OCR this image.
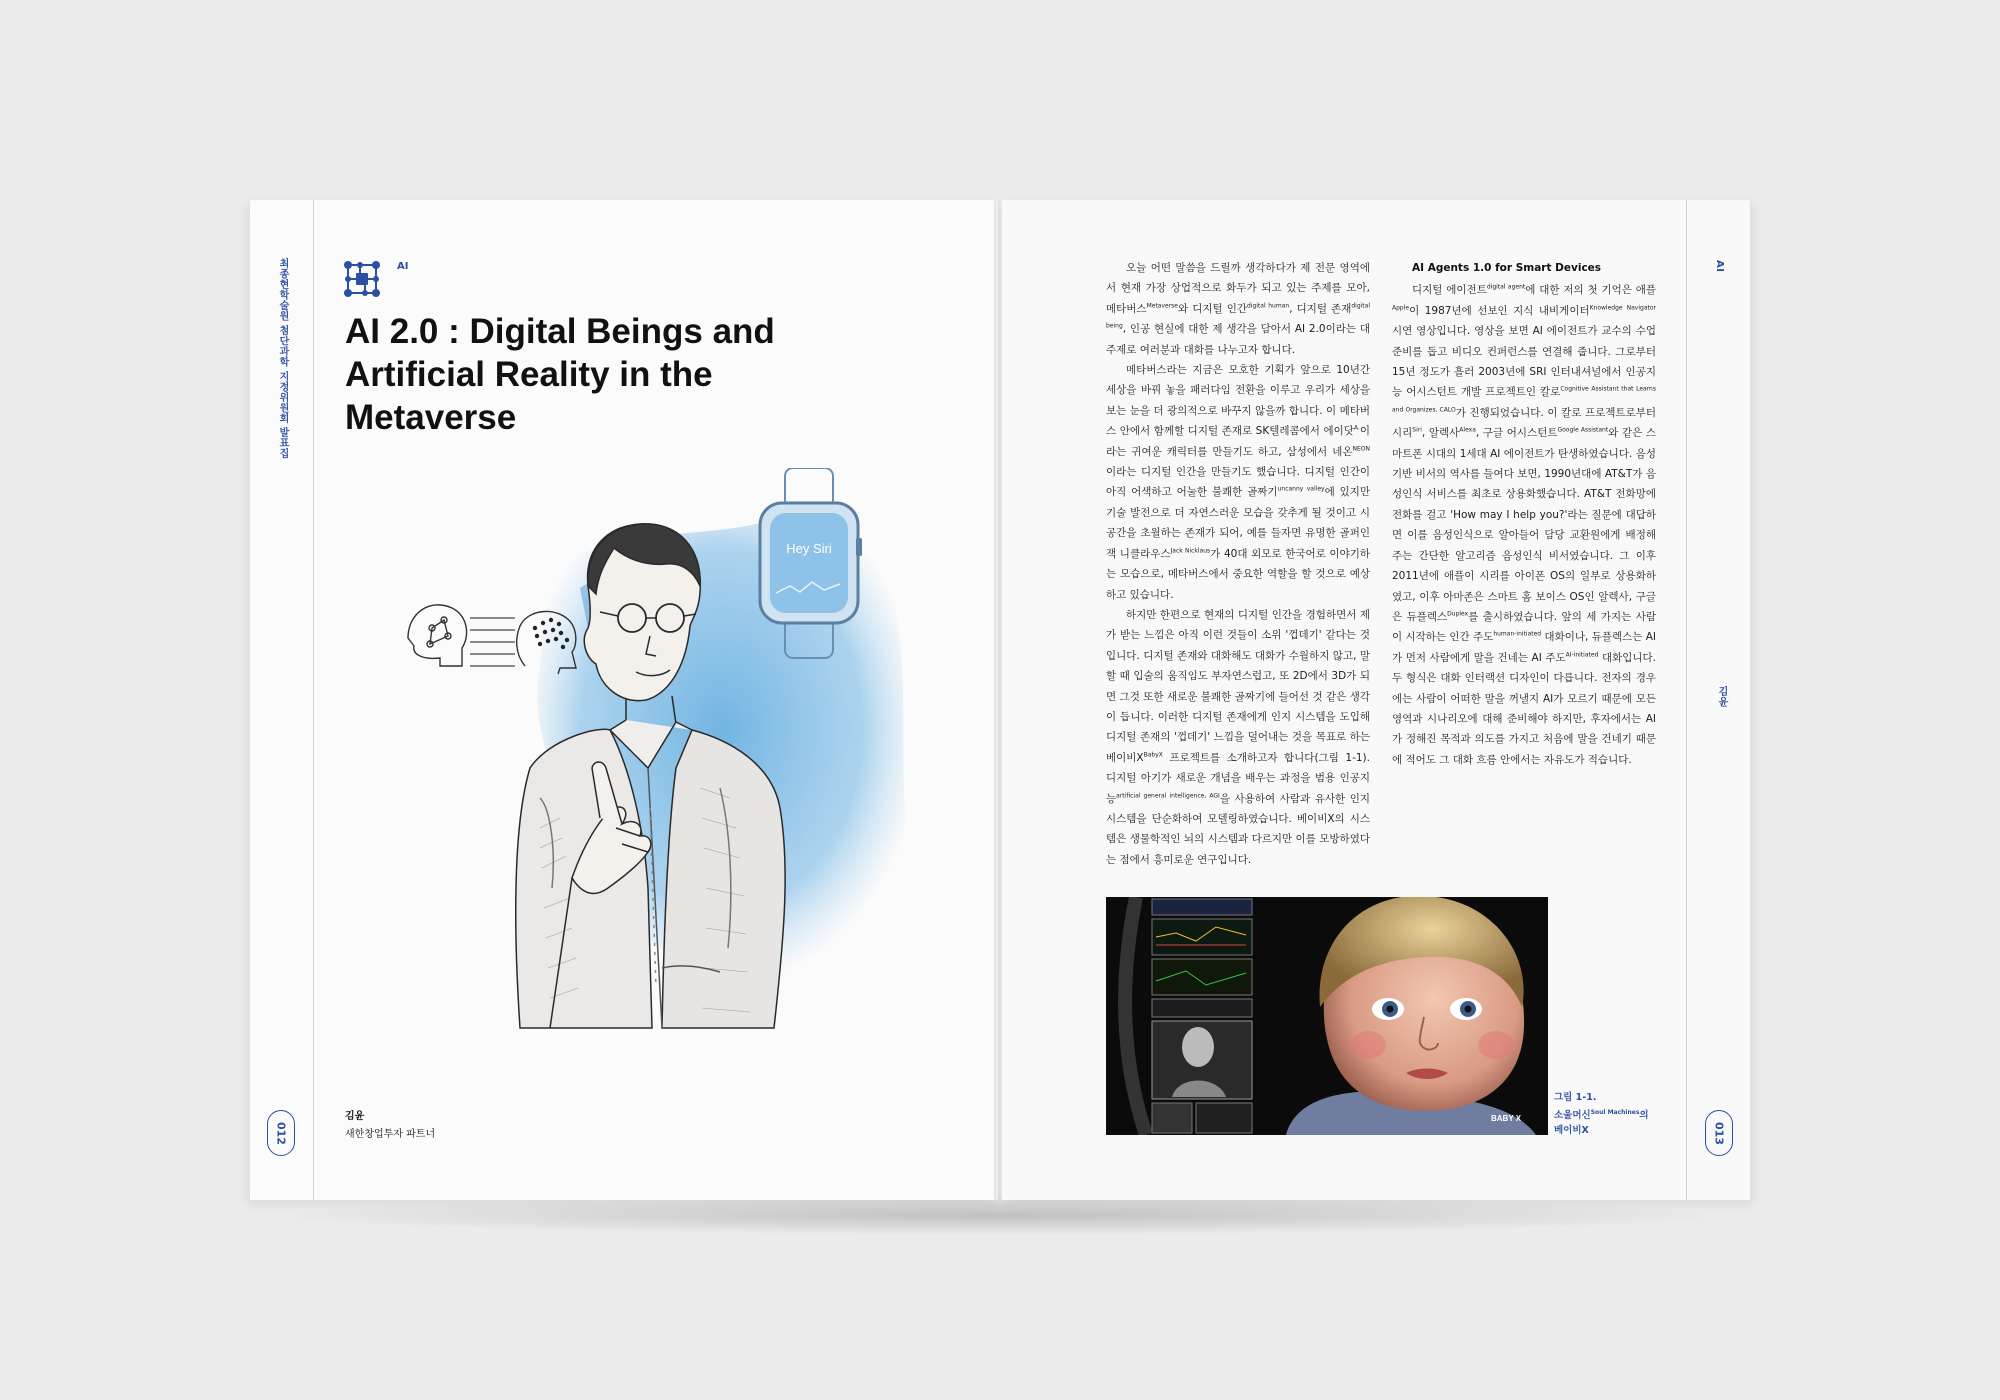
최종현학술원 첨단과학 지정위원회 발표집
012
AI
AI 2.0 : Digital Beings and Artificial Reality in the Metaverse
Hey Siri
김윤
새한창업투자 파트너
AI
김윤
013

오늘 어떤 말씀을 드릴까 생각하다가 제 전문 영역에서 현재 가장 상업적으로 화두가 되고 있는 주제를 모아, 메타버스$^{Metaverse}$와 디지털 인간$^{digital human}$, 디지털 존재$^{digital being}$, 인공 현실에 대한 제 생각을 담아서 AI 2.0이라는 대주제로 여러분과 대화를 나누고자 합니다.

메타버스라는 지금은 모호한 기획가 앞으로 10년간 세상을 바꿔 놓을 패러다임 전환을 이루고 우리가 세상을 보는 눈을 더 광의적으로 바꾸지 않을까 합니다. 이 메타버스 안에서 함께할 디지털 존재로 SK텔레콤에서 에이닷$^{A.}$이라는 귀여운 캐릭터를 만들기도 하고, 삼성에서 네온$^{NEON}$이라는 디지털 인간을 만들기도 했습니다. 디지털 인간이 아직 어색하고 어눌한 불쾌한 골짜기$^{uncanny valley}$에 있지만 기술 발전으로 더 자연스러운 모습을 갖추게 될 것이고 시공간을 초월하는 존재가 되어, 예를 들자면 유명한 골퍼인 잭 니클라우스$^{Jack Nicklaus}$가 40대 외모로 한국어로 이야기하는 모습으로, 메타버스에서 중요한 역할을 할 것으로 예상하고 있습니다.

하지만 한편으로 현재의 디지털 인간을 경험하면서 제가 받는 느낌은 아직 이런 것들이 소위 '껍데기' 같다는 것입니다. 디지털 존재와 대화해도 대화가 수월하지 않고, 말할 때 입술의 움직임도 부자연스럽고, 또 2D에서 3D가 되면 그것 또한 새로운 불쾌한 골짜기에 들어선 것 같은 생각이 듭니다. 이러한 디지털 존재에게 인지 시스템을 도입해 디지털 존재의 '껍데기' 느낌을 덜어내는 것을 목표로 하는 베이비$X^{BabyX}$ 프로젝트를 소개하고자 합니다(그림 1-1). 디지털 아기가 새로운 개념을 배우는 과정을 범용 인공지능$^{artificial general intelligence, AGI}$을 사용하여 사람과 유사한 인지 시스템을 단순화하여 모델링하였습니다. 베이비X의 시스템은 생물학적인 뇌의 시스템과 다르지만 이를 모방하였다는 점에서 흥미로운 연구입니다.

AI Agents 1.0 for Smart Devices

디지털 에이전트$^{digital agent}$에 대한 저의 첫 기억은 애플$^{Apple}$이 1987년에 선보인 지식 내비게이터$^{Knowledge Navigator}$ 시연 영상입니다. 영상을 보면 AI 에이전트가 교수의 수업 준비를 돕고 비디오 컨퍼런스를 연결해 줍니다. 그로부터 15년 정도가 흘러 2003년에 SRI 인터내셔널에서 인공지능 어시스턴트 개발 프로젝트인 칼로$^{Cognitive Assistant that Learns and Organizes, CALO}$가 진행되었습니다. 이 칼로 프로젝트로부터 시리$^{Siri}$, 알렉사$^{Alexa}$, 구글 어시스턴트$^{Google Assistant}$와 같은 스마트폰 시대의 1세대 AI 에이전트가 탄생하였습니다. 음성 기반 비서의 역사를 들여다 보면, 1990년대에 AT&T가 음성인식 서비스를 최초로 상용화했습니다. AT&T 전화망에 전화를 걸고 'How may I help you?'라는 질문에 대답하면 이를 음성인식으로 알아들어 담당 교환원에게 배정해 주는 간단한 알고리즘 음성인식 비서였습니다. 그 이후 2011년에 애플이 시리를 아이폰 OS의 일부로 상용화하였고, 이후 아마존은 스마트 홈 보이스 OS인 알렉사, 구글은 듀플렉스$^{Duplex}$를 출시하였습니다. 앞의 세 가지는 사람이 시작하는 인간 주도$^{human-initiated}$ 대화이나, 듀플렉스는 AI가 먼저 사람에게 말을 건네는 AI 주도$^{AI-initiated}$ 대화입니다. 두 형식은 대화 인터랙션 디자인이 다릅니다. 전자의 경우에는 사람이 어떠한 말을 꺼낼지 AI가 모르기 때문에 모든 영역과 시나리오에 대해 준비해야 하지만, 후자에서는 AI가 정해진 목적과 의도를 가지고 처음에 말을 건네기 때문에 적어도 그 대화 흐름 안에서는 자유도가 적습니다.

BABY X
그림 1-1.
소울머신$^{Soul Machines}$의
베이비X
